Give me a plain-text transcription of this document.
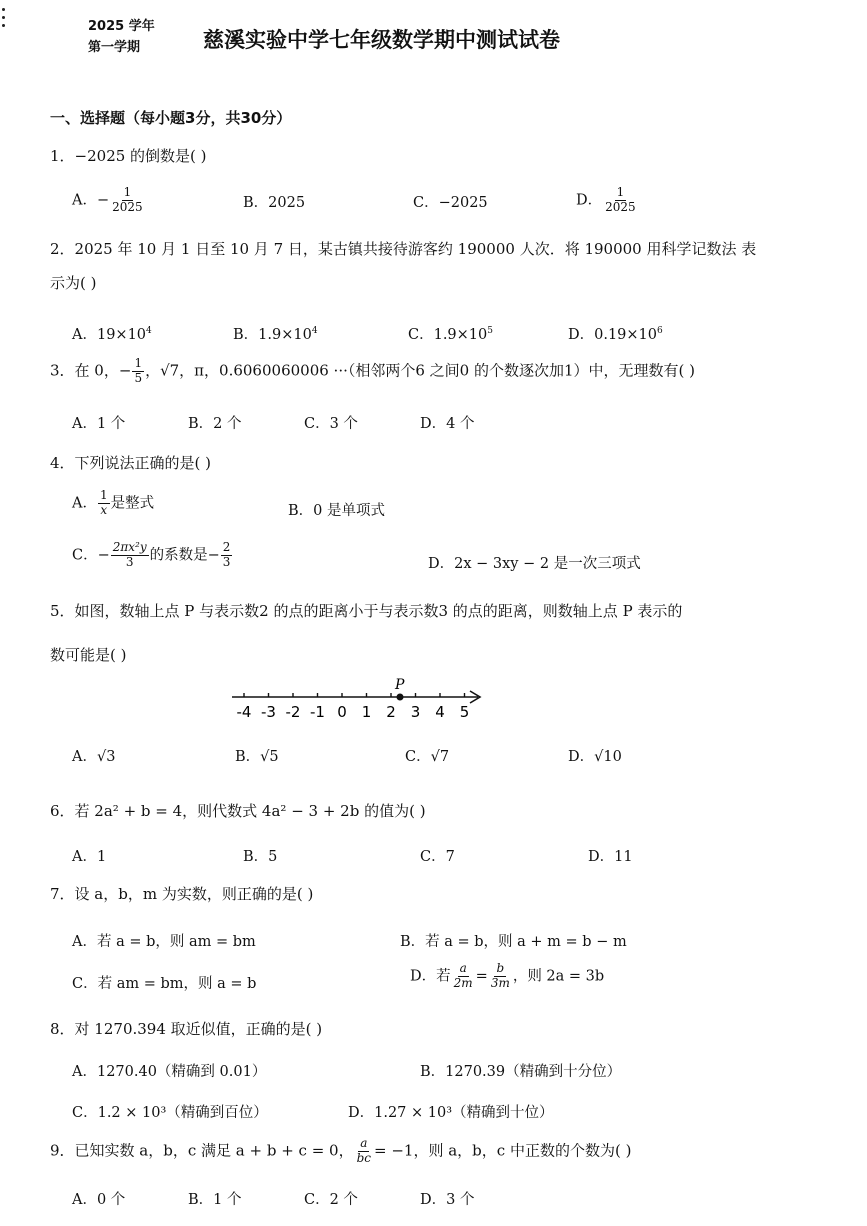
2025 学年
第一学期	慈溪实验中学七年级数学期中测试试卷
一、选择题（每小题3分，共30分）
1．−2025 的倒数是( )
A．− $\frac{1}{2025}$	B．2025	C．−2025	D． $\frac{1}{2025}$
2．2025 年 10 月 1 日至 10 月 7 日，某古镇共接待游客约 190000 人次．将 190000 用科学记数法 表
示为( )
A．$19\times 10^4$	B．$1.9\times 10^4$	C．$1.9\times 10^5$	D．$0.19\times 10^6$
3．在 0，− $\frac{1}{5}$ ，√7，π，0.6060060006 ···（相邻两个6 之间0 的个数逐次加1）中，无理数有( )
A．1 个	B．2 个	C．3 个	D．4 个
4．下列说法正确的是( )
A． $\frac{1}{x}$ 是整式	B．0 是单项式
C．− $\frac{\text{2πx²y}}{3}$ 的系数是− $\frac{2}{3}$	D．2x − 3xy − 2 是一次三项式
5．如图，数轴上点 P 与表示数2 的点的距离小于与表示数3 的点的距离，则数轴上点 P 表示的
数可能是( )
-4 -3 -2 -1 0 1 2 3 4 5
P
A．√3	B．√5	C．√7	D．√10
6．若 2a² + b = 4，则代数式 4a² − 3 + 2b 的值为( )
A．1	B．5	C．7	D．11
7．设 a，b，m 为实数，则正确的是( )
A．若 a = b，则 am = bm	B．若 a = b，则 a + m = b − m
C．若 am = bm，则 a = b	D．若 $\frac{a}{2m} = \frac{b}{3m}$ ，则 2a = 3b
8．对 1270.394 取近似值，正确的是( )
A．1270.40（精确到 0.01）	B．1270.39（精确到十分位）
C．1.2 × 10³（精确到百位）	D．1.27 × 10³（精确到十位）
9．已知实数 a，b，c 满足 a + b + c = 0， $\frac{a}{bc} = -1$，则 a，b，c 中正数的个数为( )
A．0 个	B．1 个	C．2 个	D．3 个
